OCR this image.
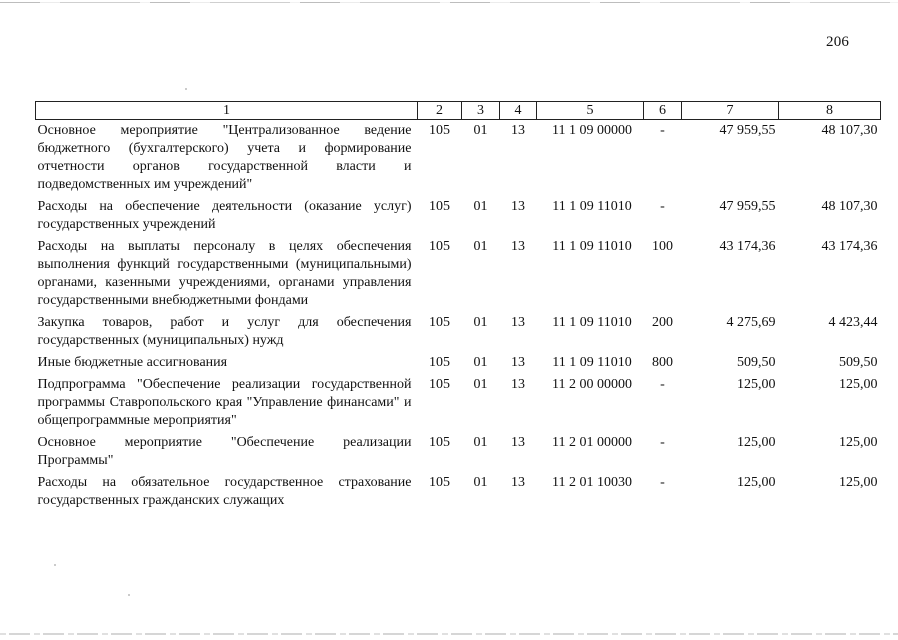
206
1	2	3	4	5	6	7	8
Основное мероприятие "Централизованное ведение бюджетного (бухгалтерского) учета и формирование отчетности органов государственной власти и подведомственных им учреждений"	105	01	13	11 1 09 00000	-	47 959,55	48 107,30
Расходы на обеспечение деятельности (оказание услуг) государственных учреждений	105	01	13	11 1 09 11010	-	47 959,55	48 107,30
Расходы на выплаты персоналу в целях обеспечения выполнения функций государственными (муниципальными) органами, казенными учреждениями, органами управления государственными внебюджетными фондами	105	01	13	11 1 09 11010	100	43 174,36	43 174,36
Закупка товаров, работ и услуг для обеспечения государственных (муниципальных) нужд	105	01	13	11 1 09 11010	200	4 275,69	4 423,44
Иные бюджетные ассигнования	105	01	13	11 1 09 11010	800	509,50	509,50
Подпрограмма "Обеспечение реализации государственной программы Ставропольского края "Управление финансами" и общепрограммные мероприятия"	105	01	13	11 2 00 00000	-	125,00	125,00
Основное мероприятие "Обеспечение реализации Программы"	105	01	13	11 2 01 00000	-	125,00	125,00
Расходы на обязательное государственное страхование государственных гражданских служащих	105	01	13	11 2 01 10030	-	125,00	125,00
